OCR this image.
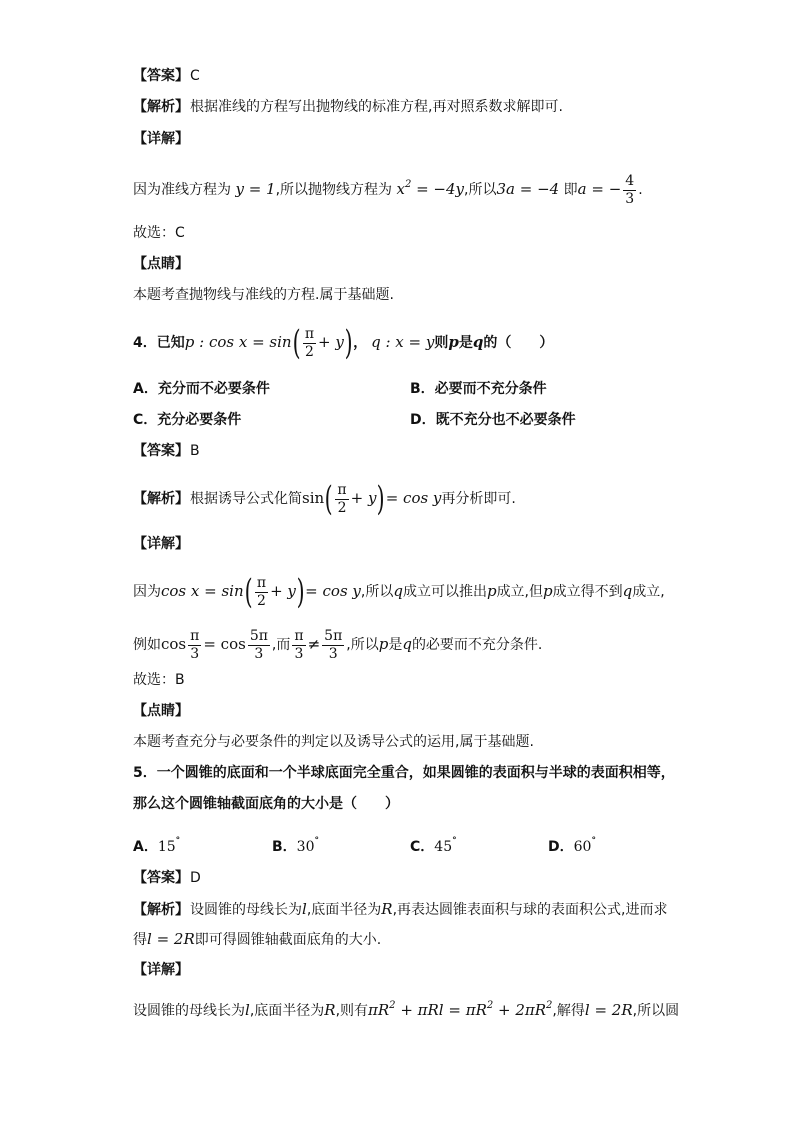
【答案】C
【解析】根据准线的方程写出抛物线的标准方程,再对照系数求解即可.
【详解】
因为准线方程为 y = 1,所以抛物线方程为 $x^2 = -4y$,所以3a = −4 即a = − $\frac{4}{3}$ .
故选：C
【点睛】
本题考查抛物线与准线的方程.属于基础题.
4．已知p : $\cos x = \sin( \frac{\pi}{2} + y)$， q : x = y则p是q的（　　）
A．充分而不必要条件	B．必要而不充分条件
C．充分必要条件	D．既不充分也不必要条件
【答案】B
【解析】根据诱导公式化简$\sin( \frac{\pi}{2} + y)= \cos y$再分析即可.
【详解】
因为$\cos x = \sin( \frac{\pi}{2} + y)= \cos y$,所以q成立可以推出p成立,但p成立得不到q成立,
例如$\cos \frac{\pi}{3} = \cos \frac{5\pi}{3}$ ,而 $\frac{\pi}{3} \ne \frac{5\pi}{3}$ ,所以p是q的必要而不充分条件.
故选：B
【点睛】
本题考查充分与必要条件的判定以及诱导公式的运用,属于基础题.
5．一个圆锥的底面和一个半球底面完全重合，如果圆锥的表面积与半球的表面积相等，
那么这个圆锥轴截面底角的大小是（　　）
A．15°	B．30°	C．45°	D．60°
【答案】D
【解析】设圆锥的母线长为l,底面半径为R,再表达圆锥表面积与球的表面积公式,进而求
得l = 2R即可得圆锥轴截面底角的大小.
【详解】
设圆锥的母线长为l,底面半径为R,则有$\pi R^2 + \pi Rl = \pi R^2 + 2\pi R^2$,解得l = 2R,所以圆
